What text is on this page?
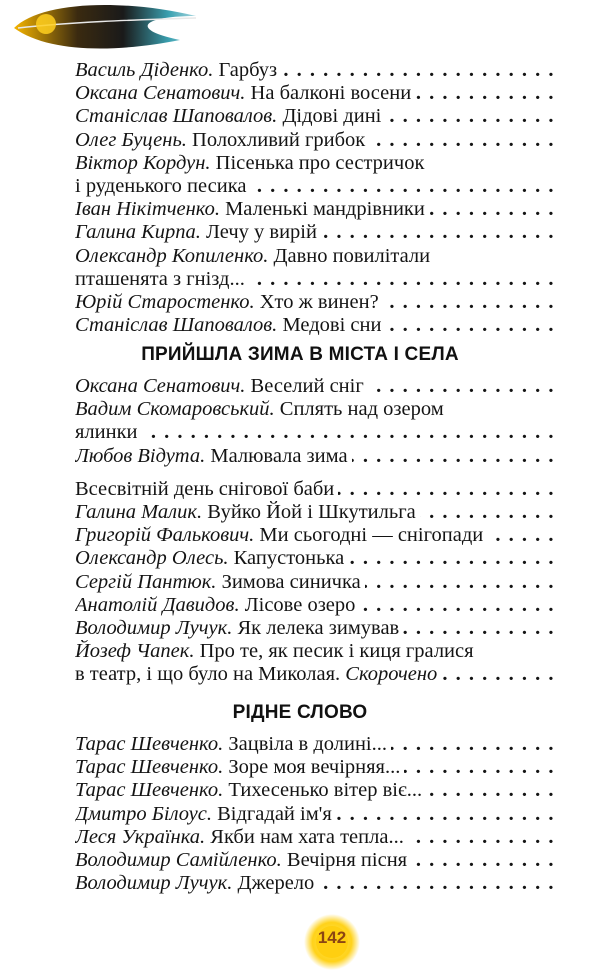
Василь Діденко. Гарбуз . . .
Оксана Сенатович. На балконі восени . . .
Станіслав Шаповалов. Дідові дині . . .
Олег Буцень. Полохливий грибок . . .
Віктор Кордун. Пісенька про сестричок
і руденького песика . . .
Іван Нікітченко. Маленькі мандрівники . . .
Галина Кирпа. Лечу у вирій . . .
Олександр Копиленко. Давно повилітали
пташенята з гнізд... . . .
Юрій Старостенко. Хто ж винен? . . .
Станіслав Шаповалов. Медові сни . . .
ПРИЙШЛА ЗИМА В МІСТА І СЕЛА
Оксана Сенатович. Веселий сніг . . .
Вадим Скомаровський. Сплять над озером
ялинки . . .
Любов Відута. Малювала зима . . .
Всесвітній день снігової баби . . .
Галина Малик. Вуйко Йой і Шкутильга . . .
Григорій Фалькович. Ми сьогодні — снігопади . . .
Олександр Олесь. Капустонька . . .
Сергій Пантюк. Зимова синичка . . .
Анатолій Давидов. Лісове озеро . . .
Володимир Лучук. Як лелека зимував . . .
Йозеф Чапек. Про те, як песик і киця гралися
в театр, і що було на Миколая. Скорочено . . .
РІДНЕ СЛОВО
Тарас Шевченко. Зацвіла в долині... . . .
Тарас Шевченко. Зоре моя вечірняя... . . .
Тарас Шевченко. Тихесенько вітер віє... . . .
Дмитро Білоус. Відгадай ім'я . . .
Леся Українка. Якби нам хата тепла... . . .
Володимир Самійленко. Вечірня пісня . . .
Володимир Лучук. Джерело . . .
142
